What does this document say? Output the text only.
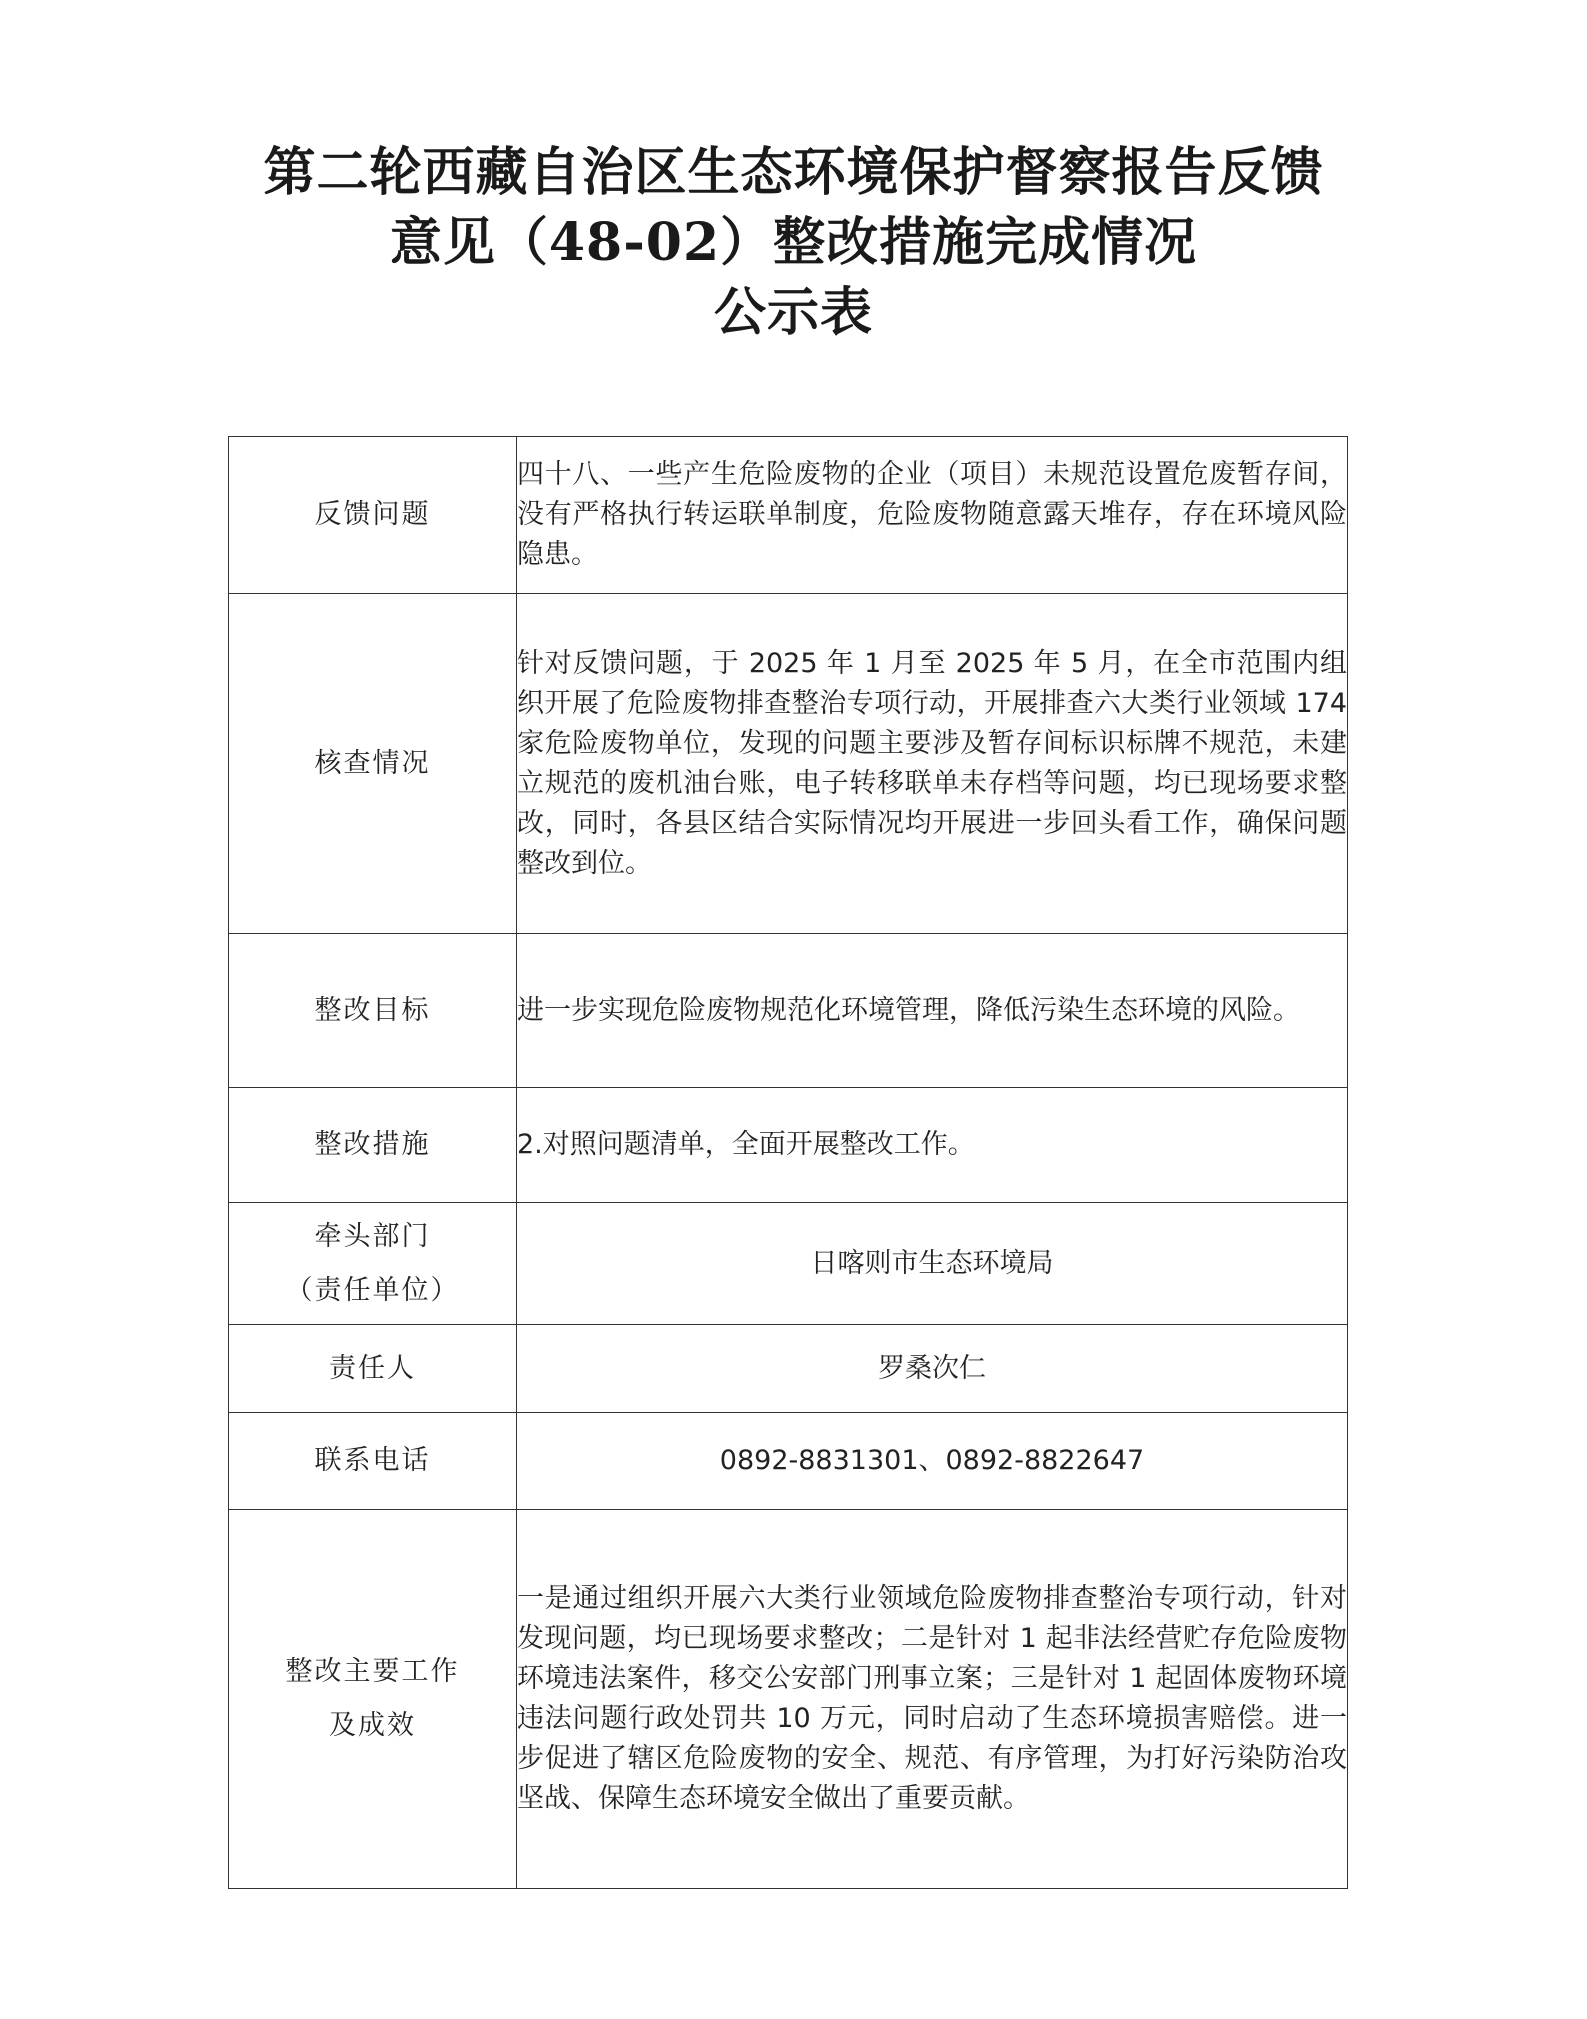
第二轮西藏自治区生态环境保护督察报告反馈
意见（48-02）整改措施完成情况
公示表
反馈问题	四十八、一些产生危险废物的企业（项目）未规范设置危废暂存间，没有严格执行转运联单制度，危险废物随意露天堆存，存在环境风险隐患。

核查情况	针对反馈问题，于 2025 年 1 月至 2025 年 5 月，在全市范围内组织开展了危险废物排查整治专项行动，开展排查六大类行业领域 174 家危险废物单位，发现的问题主要涉及暂存间标识标牌不规范，未建立规范的废机油台账，电子转移联单未存档等问题，均已现场要求整改，同时，各县区结合实际情况均开展进一步回头看工作，确保问题整改到位。

整改目标	进一步实现危险废物规范化环境管理，降低污染生态环境的风险。

整改措施	2.对照问题清单，全面开展整改工作。

牵头部门
（责任单位）	日喀则市生态环境局

责任人	罗桑次仁

联系电话	0892-8831301、0892-8822647

整改主要工作
及成效	一是通过组织开展六大类行业领域危险废物排查整治专项行动，针对发现问题，均已现场要求整改；二是针对 1 起非法经营贮存危险废物环境违法案件，移交公安部门刑事立案；三是针对 1 起固体废物环境违法问题行政处罚共 10 万元，同时启动了生态环境损害赔偿。进一步促进了辖区危险废物的安全、规范、有序管理，为打好污染防治攻坚战、保障生态环境安全做出了重要贡献。
